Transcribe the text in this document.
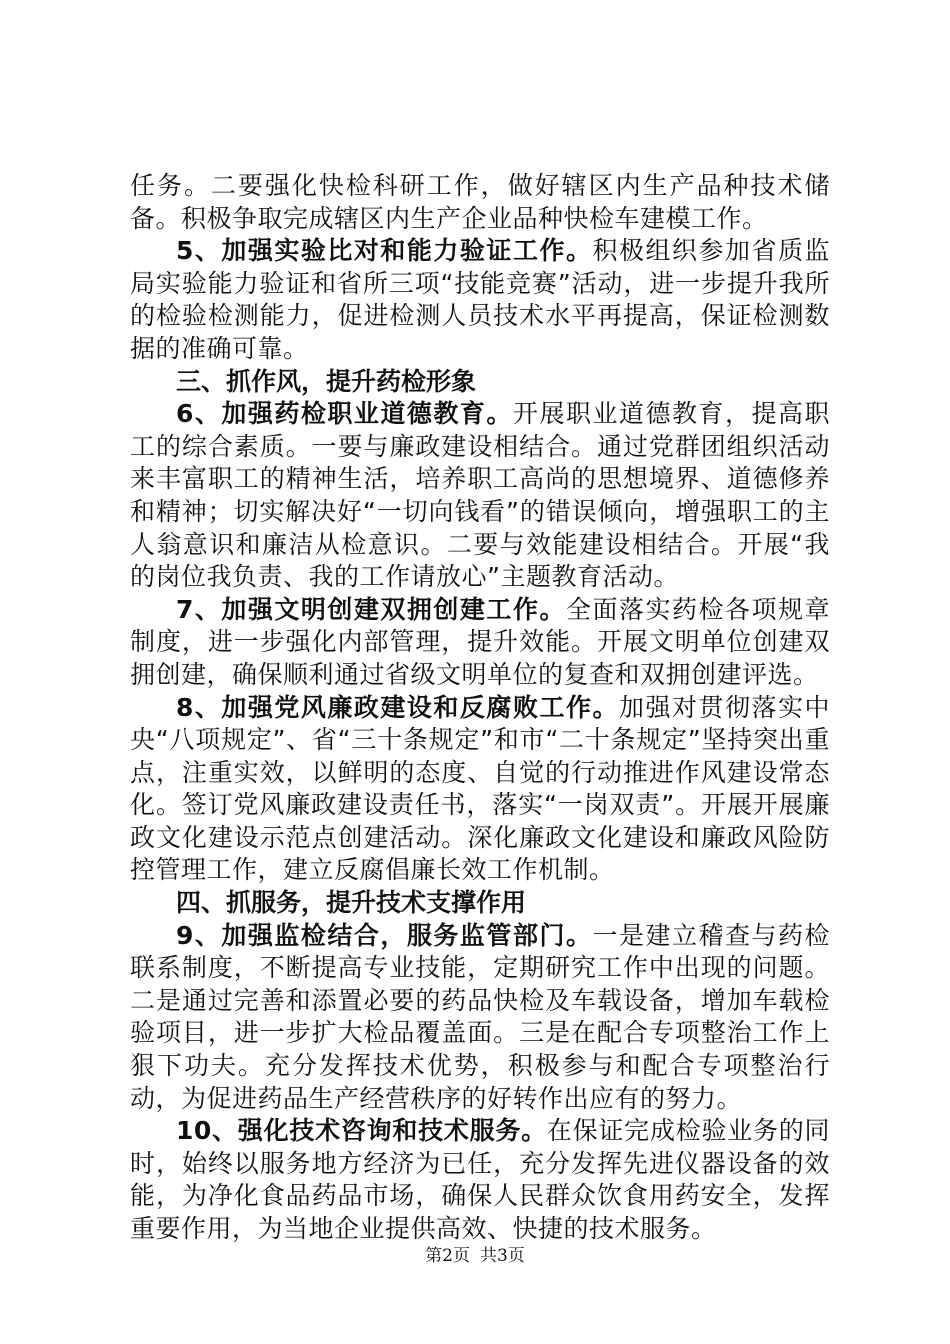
任务。二要强化快检科研工作，做好辖区内生产品种技术储备。积极争取完成辖区内生产企业品种快检车建模工作。

5、加强实验比对和能力验证工作。积极组织参加省质监局实验能力验证和省所三项“技能竞赛”活动，进一步提升我所的检验检测能力，促进检测人员技术水平再提高，保证检测数据的准确可靠。

三、抓作风，提升药检形象

6、加强药检职业道德教育。开展职业道德教育，提高职工的综合素质。一要与廉政建设相结合。通过党群团组织活动来丰富职工的精神生活，培养职工高尚的思想境界、道德修养和精神；切实解决好“一切向钱看”的错误倾向，增强职工的主人翁意识和廉洁从检意识。二要与效能建设相结合。开展“我的岗位我负责、我的工作请放心”主题教育活动。

7、加强文明创建双拥创建工作。全面落实药检各项规章制度，进一步强化内部管理，提升效能。开展文明单位创建双拥创建，确保顺利通过省级文明单位的复查和双拥创建评选。

8、加强党风廉政建设和反腐败工作。加强对贯彻落实中央“八项规定”、省“三十条规定”和市“二十条规定”坚持突出重点，注重实效，以鲜明的态度、自觉的行动推进作风建设常态化。签订党风廉政建设责任书，落实“一岗双责”。开展开展廉政文化建设示范点创建活动。深化廉政文化建设和廉政风险防控管理工作，建立反腐倡廉长效工作机制。

四、抓服务，提升技术支撑作用

9、加强监检结合，服务监管部门。一是建立稽查与药检联系制度，不断提高专业技能，定期研究工作中出现的问题。二是通过完善和添置必要的药品快检及车载设备，增加车载检验项目，进一步扩大检品覆盖面。三是在配合专项整治工作上狠下功夫。充分发挥技术优势，积极参与和配合专项整治行动，为促进药品生产经营秩序的好转作出应有的努力。

10、强化技术咨询和技术服务。在保证完成检验业务的同时，始终以服务地方经济为已任，充分发挥先进仪器设备的效能，为净化食品药品市场，确保人民群众饮食用药安全，发挥重要作用，为当地企业提供高效、快捷的技术服务。

第2页 共3页
